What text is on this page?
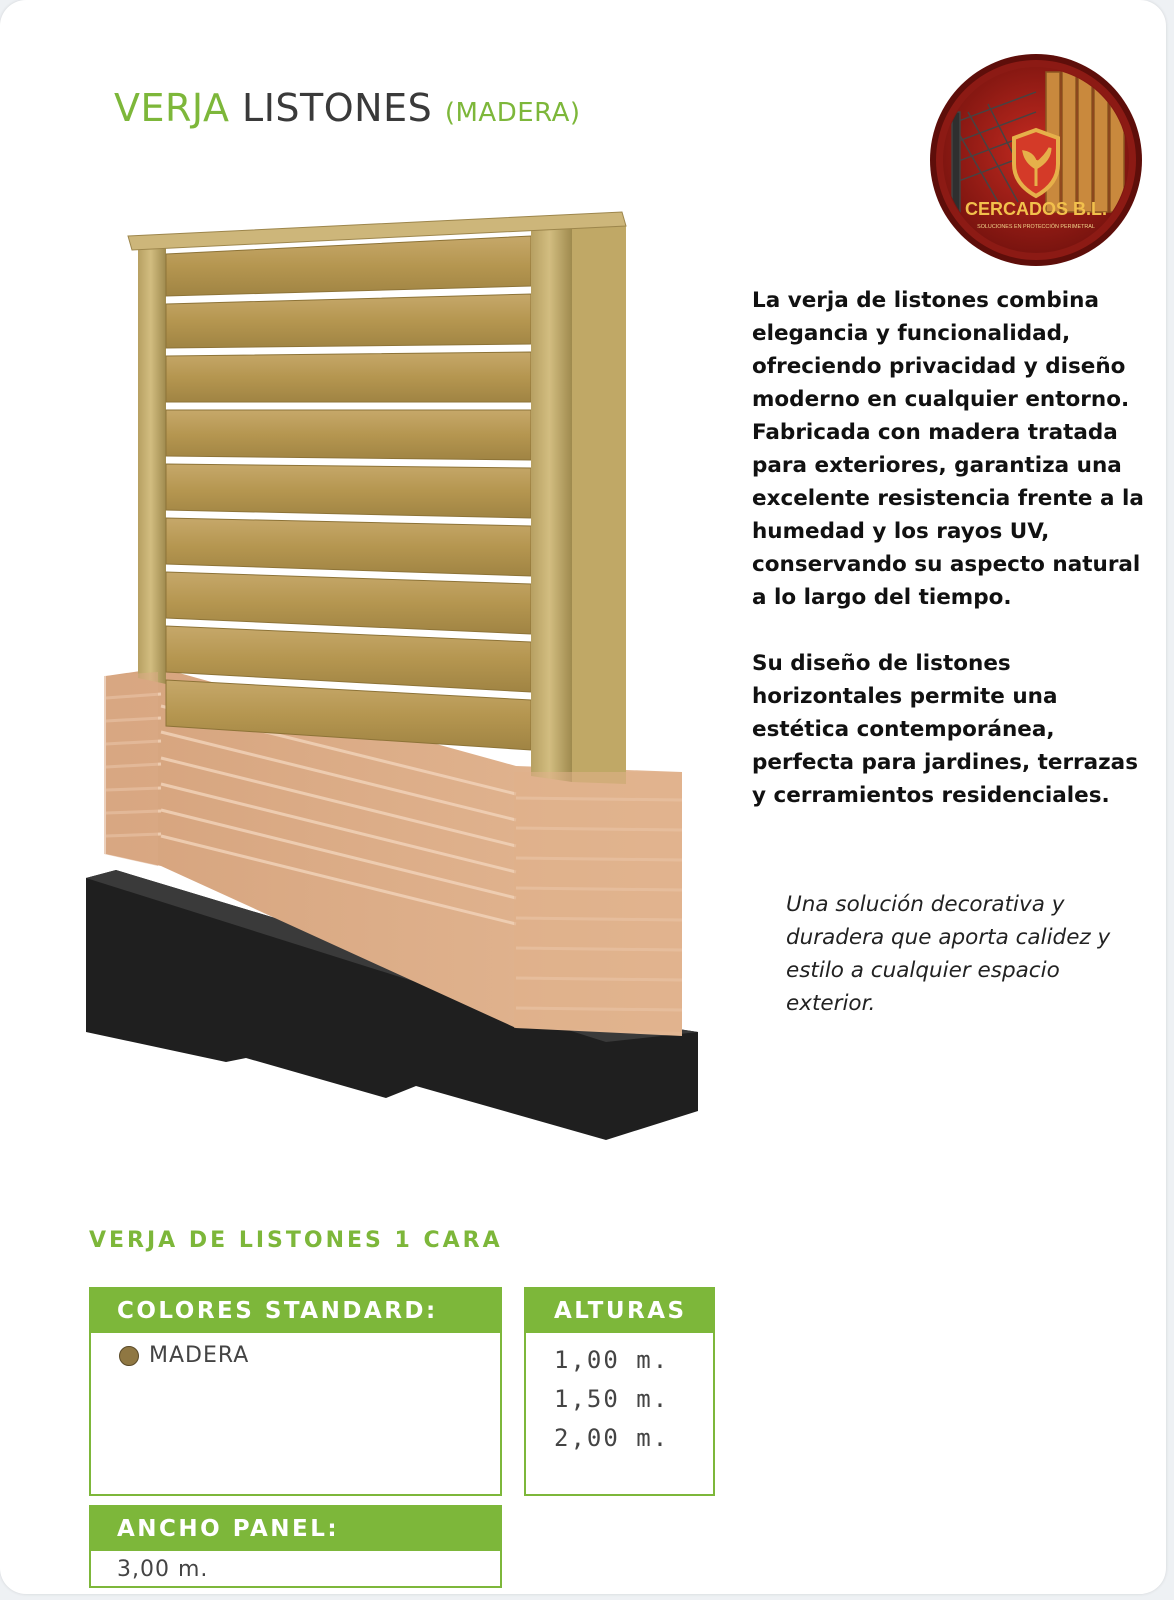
VERJA LISTONES (MADERA)
CERCADOS B.L.
SOLUCIONES EN PROTECCIÓN PERIMETRAL

La verja de listones combina elegancia y funcionalidad, ofreciendo privacidad y diseño moderno en cualquier entorno. Fabricada con madera tratada para exteriores, garantiza una excelente resistencia frente a la humedad y los rayos UV, conservando su aspecto natural a lo largo del tiempo.

Su diseño de listones horizontales permite una estética contemporánea, perfecta para jardines, terrazas y cerramientos residenciales.

Una solución decorativa y duradera que aporta calidez y estilo a cualquier espacio exterior.
VERJA DE LISTONES 1 CARA
COLORES STANDARD:
MADERA
ALTURAS
1,00 m.
1,50 m.
2,00 m.
ANCHO PANEL:
3,00 m.
